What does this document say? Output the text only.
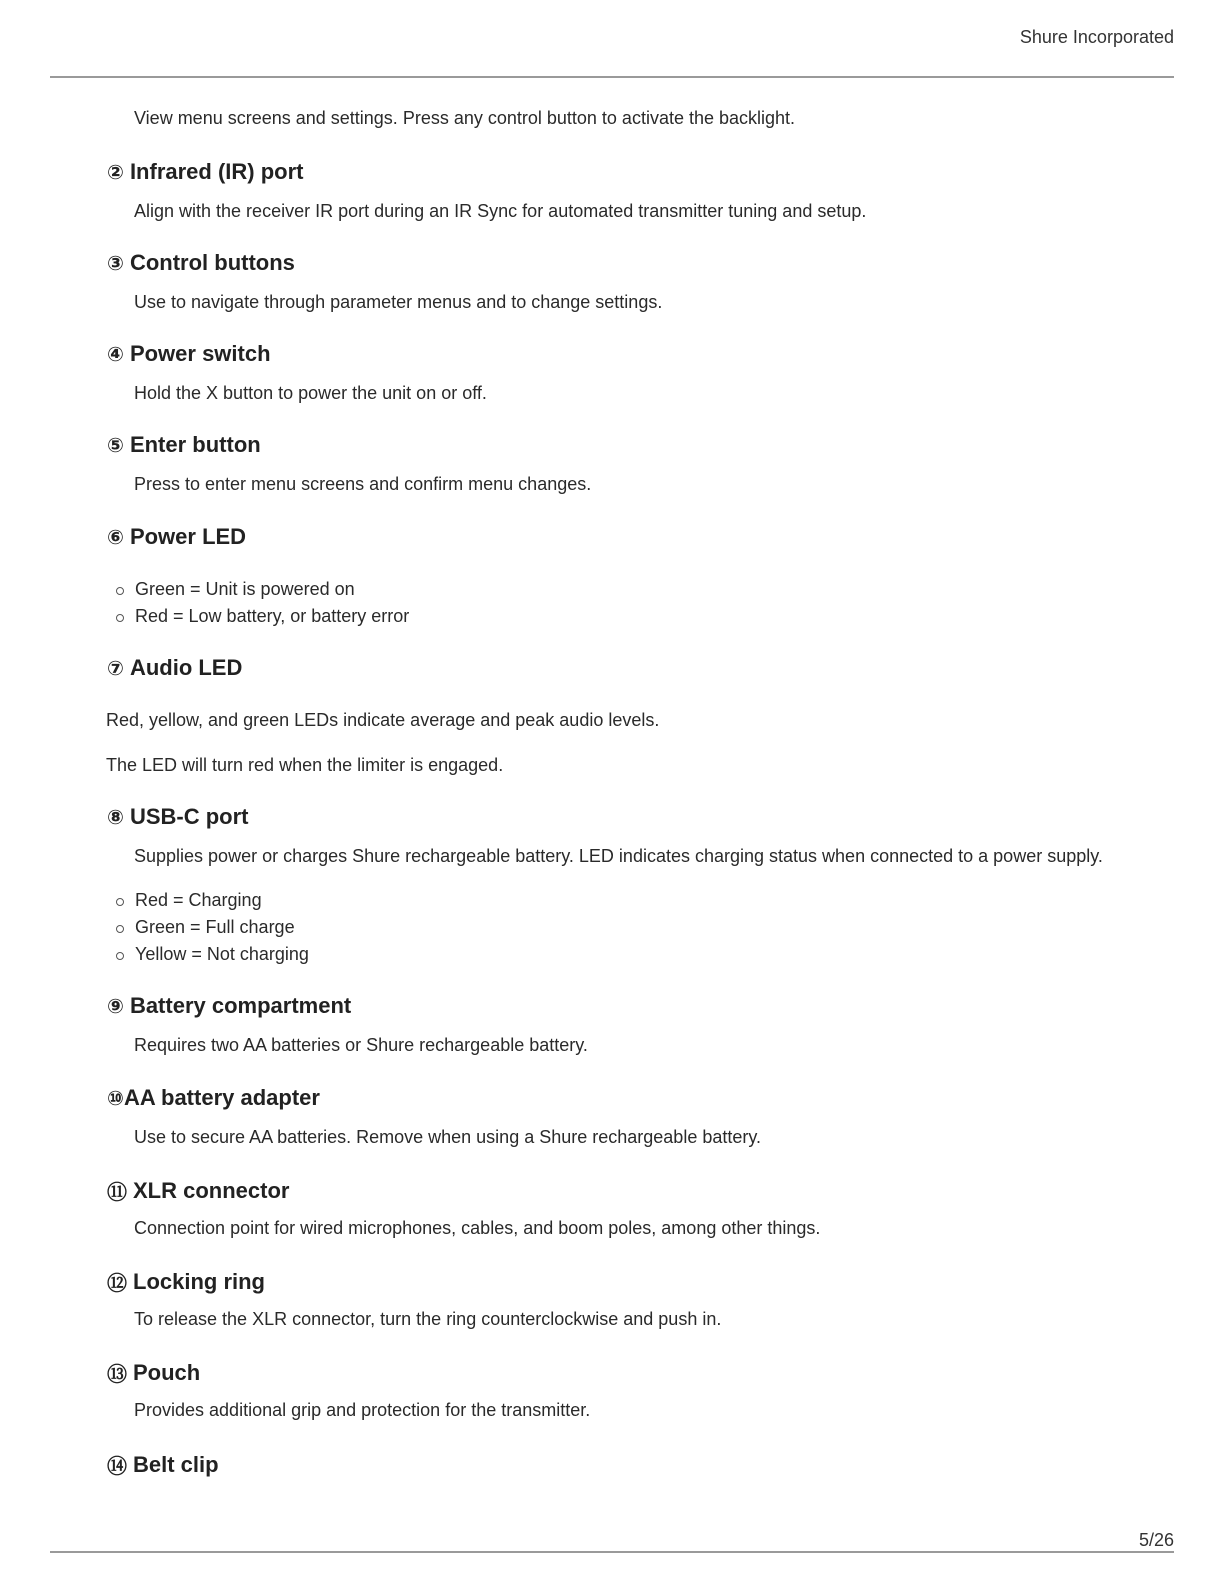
Shure Incorporated
View menu screens and settings. Press any control button to activate the backlight.
② Infrared (IR) port
Align with the receiver IR port during an IR Sync for automated transmitter tuning and setup.
③ Control buttons
Use to navigate through parameter menus and to change settings.
④ Power switch
Hold the X button to power the unit on or off.
⑤ Enter button
Press to enter menu screens and confirm menu changes.
⑥ Power LED
Green = Unit is powered on
Red = Low battery, or battery error
⑦ Audio LED
Red, yellow, and green LEDs indicate average and peak audio levels.
The LED will turn red when the limiter is engaged.
⑧ USB-C port
Supplies power or charges Shure rechargeable battery. LED indicates charging status when connected to a power supply.
Red = Charging
Green = Full charge
Yellow = Not charging
⑨ Battery compartment
Requires two AA batteries or Shure rechargeable battery.
⑩ AA battery adapter
Use to secure AA batteries. Remove when using a Shure rechargeable battery.
⑪ XLR connector
Connection point for wired microphones, cables, and boom poles, among other things.
⑫ Locking ring
To release the XLR connector, turn the ring counterclockwise and push in.
⑬ Pouch
Provides additional grip and protection for the transmitter.
⑭ Belt clip
5/26
